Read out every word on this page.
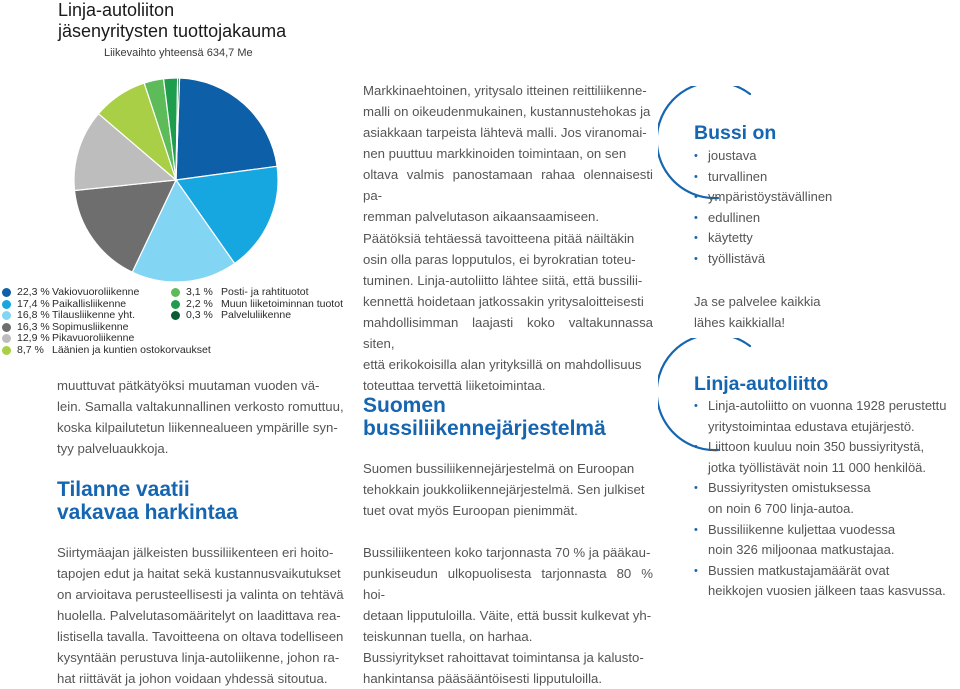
Linja-autoliiton
jäsenyritysten tuottojakauma
Liikevaihto yhteensä 634,7 Me
22,3 % Vakiovuoroliikenne
17,4 % Paikallisliikenne
16,8 % Tilausliikenne yht.
16,3 % Sopimusliikenne
12,9 % Pikavuoroliikenne
8,7 % Läänien ja kuntien ostokorvaukset
3,1 % Posti- ja rahtituotot
2,2 % Muun liiketoiminnan tuotot
0,3 % Palveluliikenne
muuttuvat pätkätyöksi muutaman vuoden vä-
lein. Samalla valtakunnallinen verkosto romuttuu,
koska kilpailutetun liikennealueen ympärille syn-
tyy palveluaukkoja.
Tilanne vaatii
vakavaa harkintaa
Siirtymäajan jälkeisten bussiliikenteen eri hoito-
tapojen edut ja haitat sekä kustannusvaikutukset
on arvioitava perusteellisesti ja valinta on tehtävä
huolella. Palvelutasomääritelyt on laadittava rea-
listisella tavalla. Tavoitteena on oltava todelliseen
kysyntään perustuva linja-autoliikenne, johon ra-
hat riittävät ja johon voidaan yhdessä sitoutua.
Markkinaehtoinen, yritysalo itteinen reittiliikenne-
malli on oikeudenmukainen, kustannustehokas ja
asiakkaan tarpeista lähtevä malli. Jos viranomai-
nen puuttuu markkinoiden toimintaan, on sen
oltava valmis panostamaan rahaa olennaisesti pa-
remman palvelutason aikaansaamiseen.
Päätöksiä tehtäessä tavoitteena pitää näiltäkin
osin olla paras lopputulos, ei byrokratian toteu-
tuminen. Linja-autoliitto lähtee siitä, että bussilii-
kennettä hoidetaan jatkossakin yritysaloitteisesti
mahdollisimman laajasti koko valtakunnassa siten,
että erikokoisilla alan yrityksillä on mahdollisuus
toteuttaa tervettä liiketoimintaa.
Suomen
bussiliikennejärjestelmä
Suomen bussiliikennejärjestelmä on Euroopan
tehokkain joukkoliikennejärjestelmä. Sen julkiset
tuet ovat myös Euroopan pienimmät.
Bussiliikenteen koko tarjonnasta 70 % ja pääkau-
punkiseudun ulkopuolisesta tarjonnasta 80 % hoi-
detaan lipputuloilla. Väite, että bussit kulkevat yh-
teiskunnan tuella, on harhaa.
Bussiyritykset rahoittavat toimintansa ja kalusto-
hankintansa pääsääntöisesti lipputuloilla.
Bussi on
• joustava
• turvallinen
• ympäristöystävällinen
• edullinen
• käytetty
• työllistävä
Ja se palvelee kaikkia
lähes kaikkialla!
Linja-autoliitto
• Linja-autoliitto on vuonna 1928 perustettu
yritystoimintaa edustava etujärjestö.
• Liittoon kuuluu noin 350 bussiyritystä,
jotka työllistävät noin 11 000 henkilöä.
• Bussiyritysten omistuksessa
on noin 6 700 linja-autoa.
• Bussiliikenne kuljettaa vuodessa
noin 326 miljoonaa matkustajaa.
• Bussien matkustajamäärät ovat
heikkojen vuosien jälkeen taas kasvussa.
